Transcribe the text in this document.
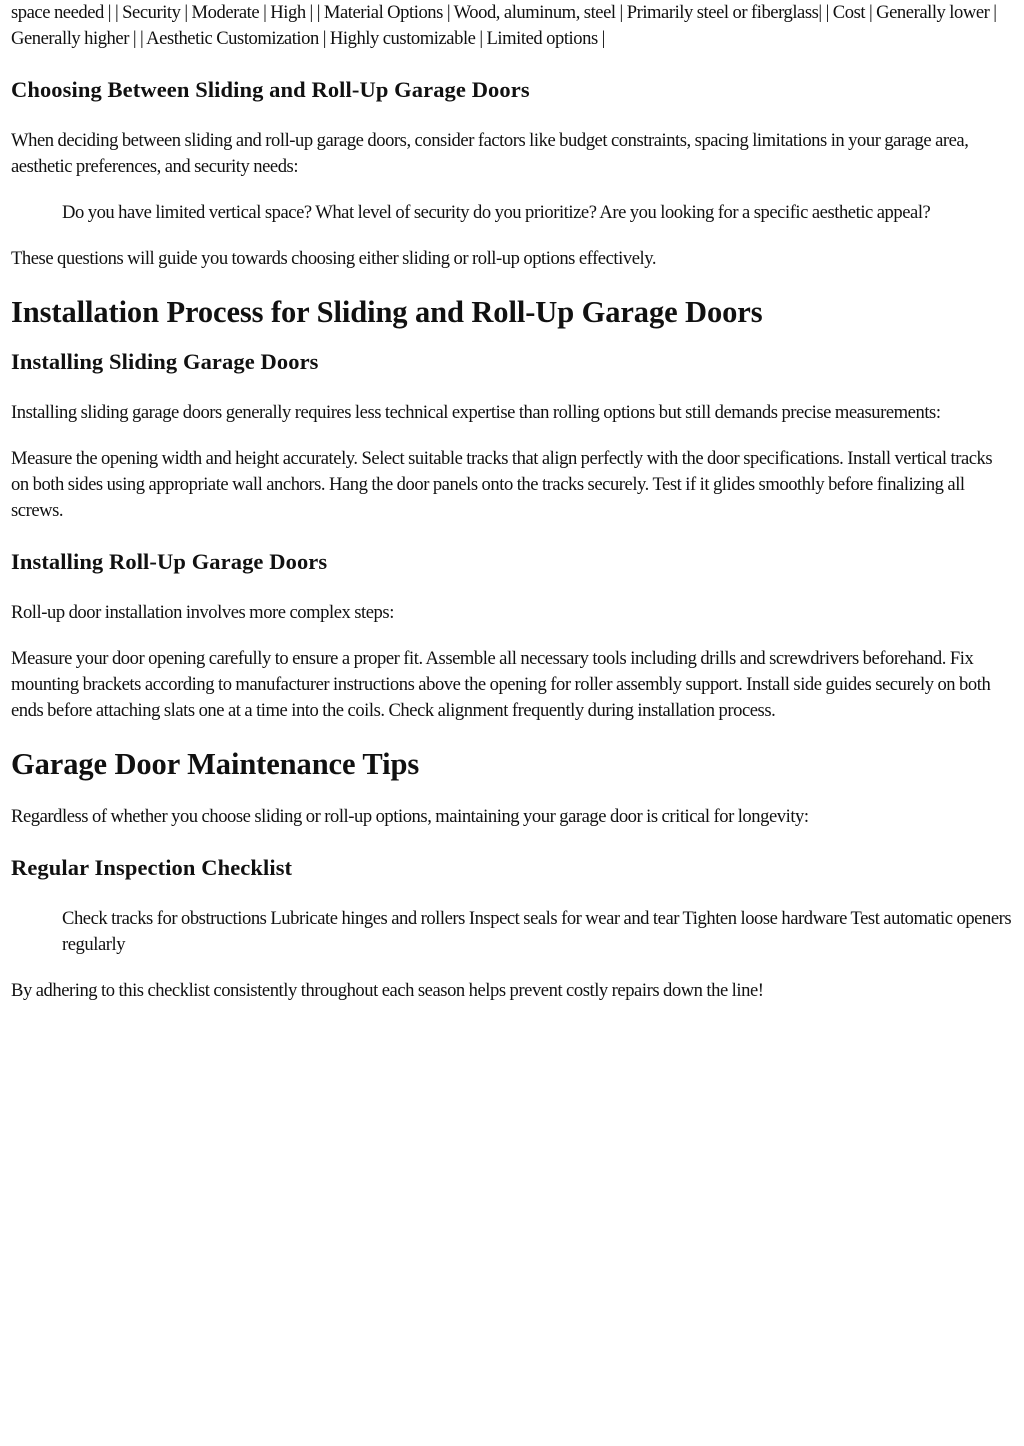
space needed | | Security | Moderate | High | | Material Options | Wood, aluminum, steel | Primarily steel or fiberglass| | Cost | Generally lower | Generally higher | | Aesthetic Customization | Highly customizable | Limited options |

Choosing Between Sliding and Roll-Up Garage Doors

When deciding between sliding and roll-up garage doors, consider factors like budget constraints, spacing limitations in your garage area, aesthetic preferences, and security needs:

Do you have limited vertical space? What level of security do you prioritize? Are you looking for a specific aesthetic appeal?

These questions will guide you towards choosing either sliding or roll-up options effectively.

Installation Process for Sliding and Roll-Up Garage Doors
Installing Sliding Garage Doors

Installing sliding garage doors generally requires less technical expertise than rolling options but still demands precise measurements:

Measure the opening width and height accurately. Select suitable tracks that align perfectly with the door specifications. Install vertical tracks on both sides using appropriate wall anchors. Hang the door panels onto the tracks securely. Test if it glides smoothly before finalizing all screws.

Installing Roll-Up Garage Doors

Roll-up door installation involves more complex steps:

Measure your door opening carefully to ensure a proper fit. Assemble all necessary tools including drills and screwdrivers beforehand. Fix mounting brackets according to manufacturer instructions above the opening for roller assembly support. Install side guides securely on both ends before attaching slats one at a time into the coils. Check alignment frequently during installation process.

Garage Door Maintenance Tips

Regardless of whether you choose sliding or roll-up options, maintaining your garage door is critical for longevity:

Regular Inspection Checklist

Check tracks for obstructions Lubricate hinges and rollers Inspect seals for wear and tear Tighten loose hardware Test automatic openers regularly

By adhering to this checklist consistently throughout each season helps prevent costly repairs down the line!
